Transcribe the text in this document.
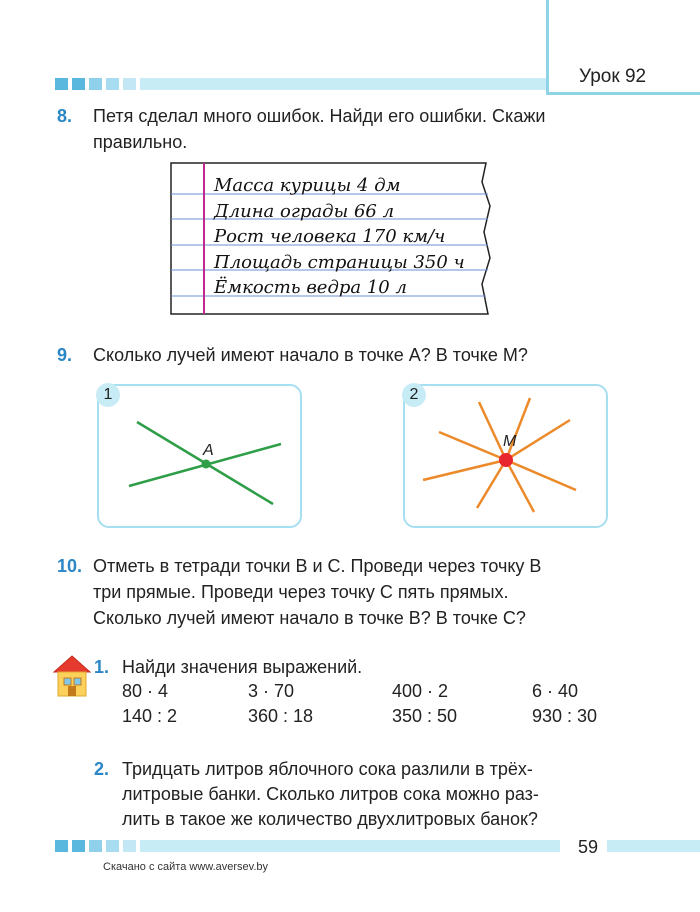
Урок 92
8. Петя сделал много ошибок. Найди его ошибки. Скажи
правильно.
Масса курицы 4 дм
Длина ограды 66 л
Рост человека 170 км/ч
Площадь страницы 350 ч
Ёмкость ведра 10 л
9. Сколько лучей имеют начало в точке A? В точке M?
1
A
2
M
10. Отметь в тетради точки B и C. Проведи через точку B
три прямые. Проведи через точку C пять прямых.
Сколько лучей имеют начало в точке B? В точке C?
1. Найди значения выражений.
80 · 4	3 · 70	400 · 2	6 · 40
140 : 2	360 : 18	350 : 50	930 : 30
2. Тридцать литров яблочного сока разлили в трёх-
литровые банки. Сколько литров сока можно раз-
лить в такое же количество двухлитровых банок?
59
Скачано с сайта www.aversev.by
